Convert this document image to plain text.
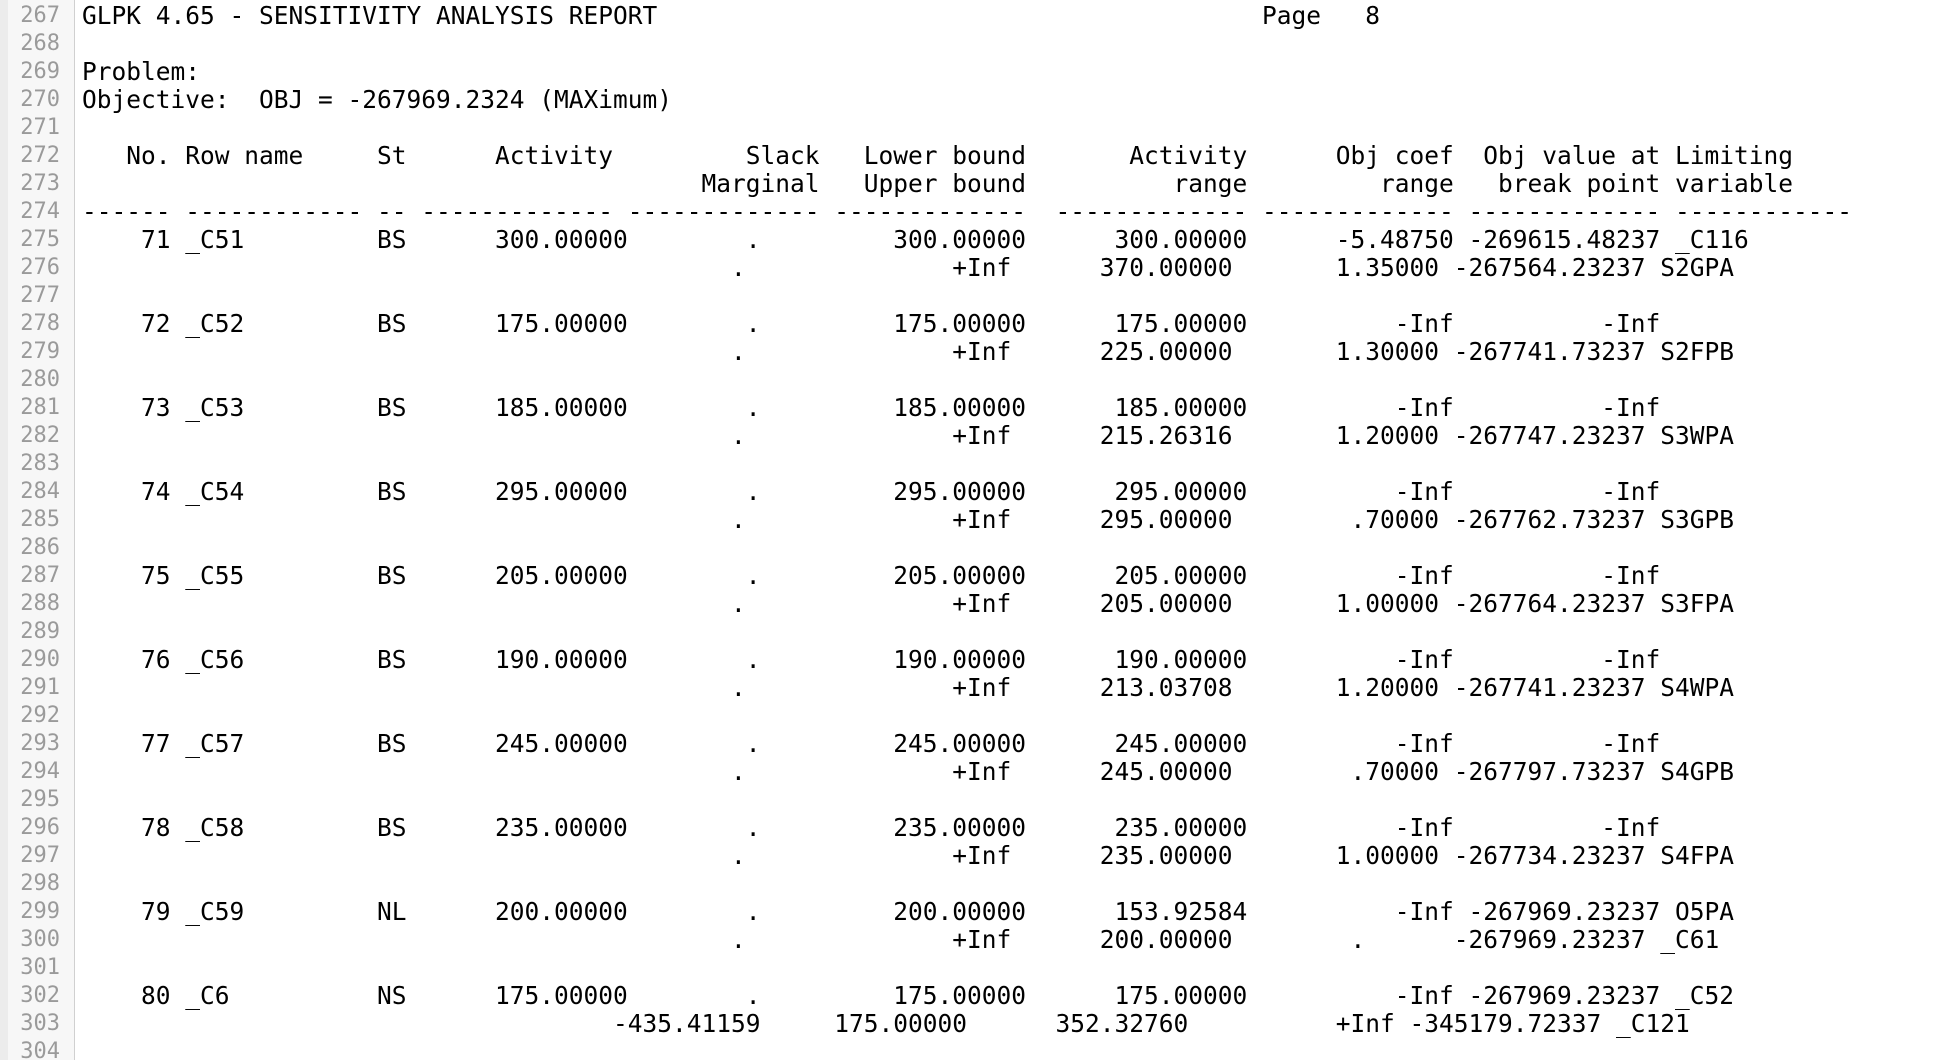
267
268
269
270
271
272
273
274
275
276
277
278
279
280
281
282
283
284
285
286
287
288
289
290
291
292
293
294
295
296
297
298
299
300
301
302
303
304
GLPK 4.65 - SENSITIVITY ANALYSIS REPORT                                         Page   8
Problem:
Objective:  OBJ = -267969.2324 (MAXimum)
No. Row name     St      Activity         Slack   Lower bound       Activity      Obj coef  Obj value at Limiting
Marginal   Upper bound          range         range   break point variable
------ ------------ -- ------------- ------------- -------------  ------------- ------------- ------------- ------------
71 _C51         BS      300.00000        .         300.00000      300.00000      -5.48750 -269615.48237 _C116
.              +Inf      370.00000       1.35000 -267564.23237 S2GPA
72 _C52         BS      175.00000        .         175.00000      175.00000          -Inf          -Inf
.              +Inf      225.00000       1.30000 -267741.73237 S2FPB
73 _C53         BS      185.00000        .         185.00000      185.00000          -Inf          -Inf
.              +Inf      215.26316       1.20000 -267747.23237 S3WPA
74 _C54         BS      295.00000        .         295.00000      295.00000          -Inf          -Inf
.              +Inf      295.00000        .70000 -267762.73237 S3GPB
75 _C55         BS      205.00000        .         205.00000      205.00000          -Inf          -Inf
.              +Inf      205.00000       1.00000 -267764.23237 S3FPA
76 _C56         BS      190.00000        .         190.00000      190.00000          -Inf          -Inf
.              +Inf      213.03708       1.20000 -267741.23237 S4WPA
77 _C57         BS      245.00000        .         245.00000      245.00000          -Inf          -Inf
.              +Inf      245.00000        .70000 -267797.73237 S4GPB
78 _C58         BS      235.00000        .         235.00000      235.00000          -Inf          -Inf
.              +Inf      235.00000       1.00000 -267734.23237 S4FPA
79 _C59         NL      200.00000        .         200.00000      153.92584          -Inf -267969.23237 O5PA
.              +Inf      200.00000        .      -267969.23237 _C61
80 _C6          NS      175.00000        .         175.00000      175.00000          -Inf -267969.23237 _C52
-435.41159     175.00000      352.32760          +Inf -345179.72337 _C121
